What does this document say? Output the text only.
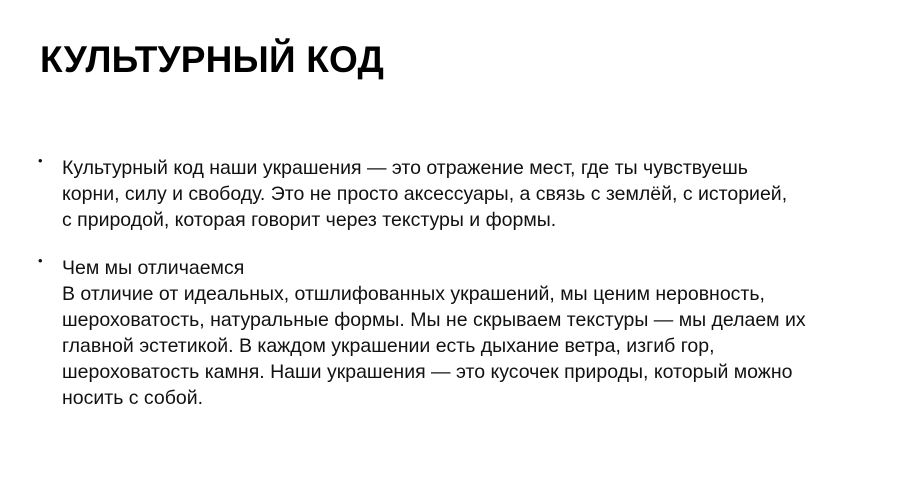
КУЛЬТУРНЫЙ КОД
• Культурный код наши украшения — это отражение мест, где ты чувствуешь
корни, силу и свободу. Это не просто аксессуары, а связь с землёй, с историей,
с природой, которая говорит через текстуры и формы.
• Чем мы отличаемся
В отличие от идеальных, отшлифованных украшений, мы ценим неровность,
шероховатость, натуральные формы. Мы не скрываем текстуры — мы делаем их
главной эстетикой. В каждом украшении есть дыхание ветра, изгиб гор,
шероховатость камня. Наши украшения — это кусочек природы, который можно
носить с собой.
